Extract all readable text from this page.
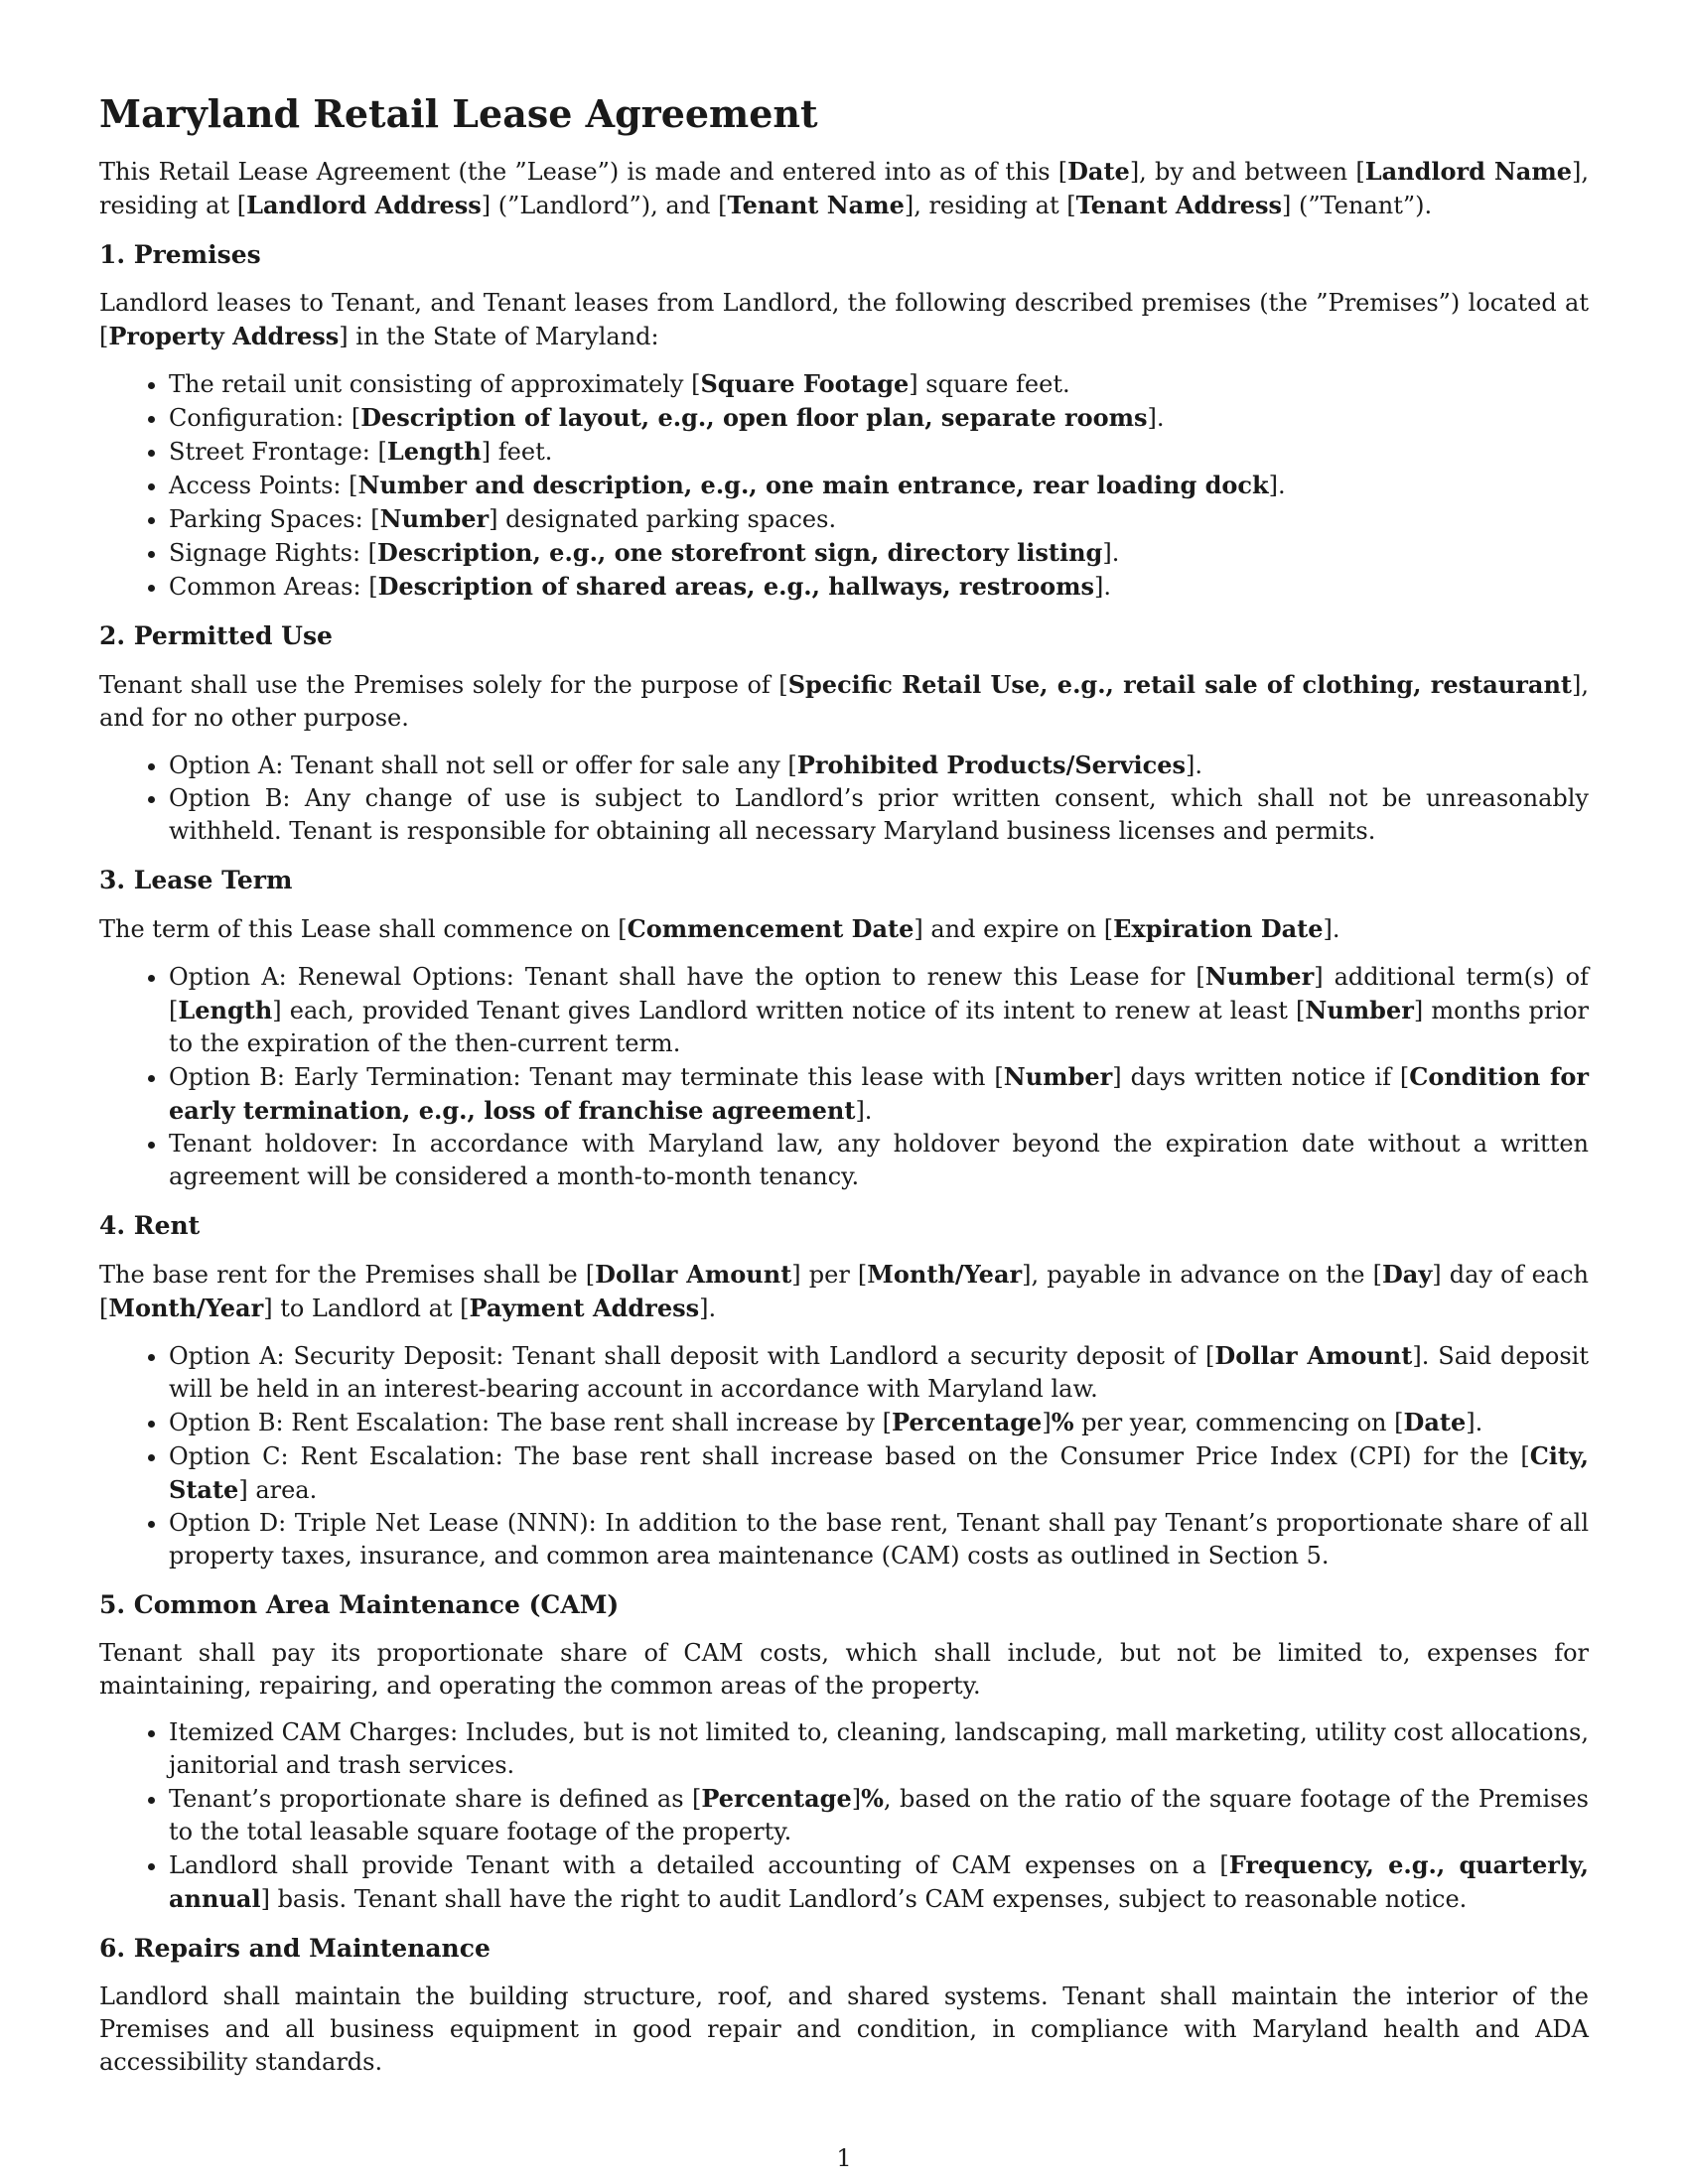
Maryland Retail Lease Agreement

This Retail Lease Agreement (the ”Lease”) is made and entered into as of this [Date], by and between [Landlord Name], residing at [Landlord Address] (”Landlord”), and [Tenant Name], residing at [Tenant Address] (”Tenant”).

1. Premises

Landlord leases to Tenant, and Tenant leases from Landlord, the following described premises (the ”Premises”) located at [Property Address] in the State of Maryland:

• The retail unit consisting of approximately [Square Footage] square feet.
• Configuration: [Description of layout, e.g., open floor plan, separate rooms].
• Street Frontage: [Length] feet.
• Access Points: [Number and description, e.g., one main entrance, rear loading dock].
• Parking Spaces: [Number] designated parking spaces.
• Signage Rights: [Description, e.g., one storefront sign, directory listing].
• Common Areas: [Description of shared areas, e.g., hallways, restrooms].
2. Permitted Use

Tenant shall use the Premises solely for the purpose of [Specific Retail Use, e.g., retail sale of clothing, restaurant], and for no other purpose.

• Option A: Tenant shall not sell or offer for sale any [Prohibited Products/Services].
• Option B: Any change of use is subject to Landlord’s prior written consent, which shall not be unreasonably withheld. Tenant is responsible for obtaining all necessary Maryland business licenses and permits.
3. Lease Term

The term of this Lease shall commence on [Commencement Date] and expire on [Expiration Date].

• Option A: Renewal Options: Tenant shall have the option to renew this Lease for [Number] additional term(s) of [Length] each, provided Tenant gives Landlord written notice of its intent to renew at least [Number] months prior to the expiration of the then-current term.
• Option B: Early Termination: Tenant may terminate this lease with [Number] days written notice if [Condition for early termination, e.g., loss of franchise agreement].
• Tenant holdover: In accordance with Maryland law, any holdover beyond the expiration date without a written agreement will be considered a month-to-month tenancy.
4. Rent

The base rent for the Premises shall be [Dollar Amount] per [Month/Year], payable in advance on the [Day] day of each [Month/Year] to Landlord at [Payment Address].

• Option A: Security Deposit: Tenant shall deposit with Landlord a security deposit of [Dollar Amount]. Said deposit will be held in an interest-bearing account in accordance with Maryland law.
• Option B: Rent Escalation: The base rent shall increase by [Percentage]% per year, commencing on [Date].
• Option C: Rent Escalation: The base rent shall increase based on the Consumer Price Index (CPI) for the [City, State] area.
• Option D: Triple Net Lease (NNN): In addition to the base rent, Tenant shall pay Tenant’s proportionate share of all property taxes, insurance, and common area maintenance (CAM) costs as outlined in Section 5.
5. Common Area Maintenance (CAM)

Tenant shall pay its proportionate share of CAM costs, which shall include, but not be limited to, expenses for maintaining, repairing, and operating the common areas of the property.

• Itemized CAM Charges: Includes, but is not limited to, cleaning, landscaping, mall marketing, utility cost allocations, janitorial and trash services.
• Tenant’s proportionate share is defined as [Percentage]%, based on the ratio of the square footage of the Premises to the total leasable square footage of the property.
• Landlord shall provide Tenant with a detailed accounting of CAM expenses on a [Frequency, e.g., quarterly, annual] basis. Tenant shall have the right to audit Landlord’s CAM expenses, subject to reasonable notice.
6. Repairs and Maintenance

Landlord shall maintain the building structure, roof, and shared systems. Tenant shall maintain the interior of the Premises and all business equipment in good repair and condition, in compliance with Maryland health and ADA accessibility standards.

1
